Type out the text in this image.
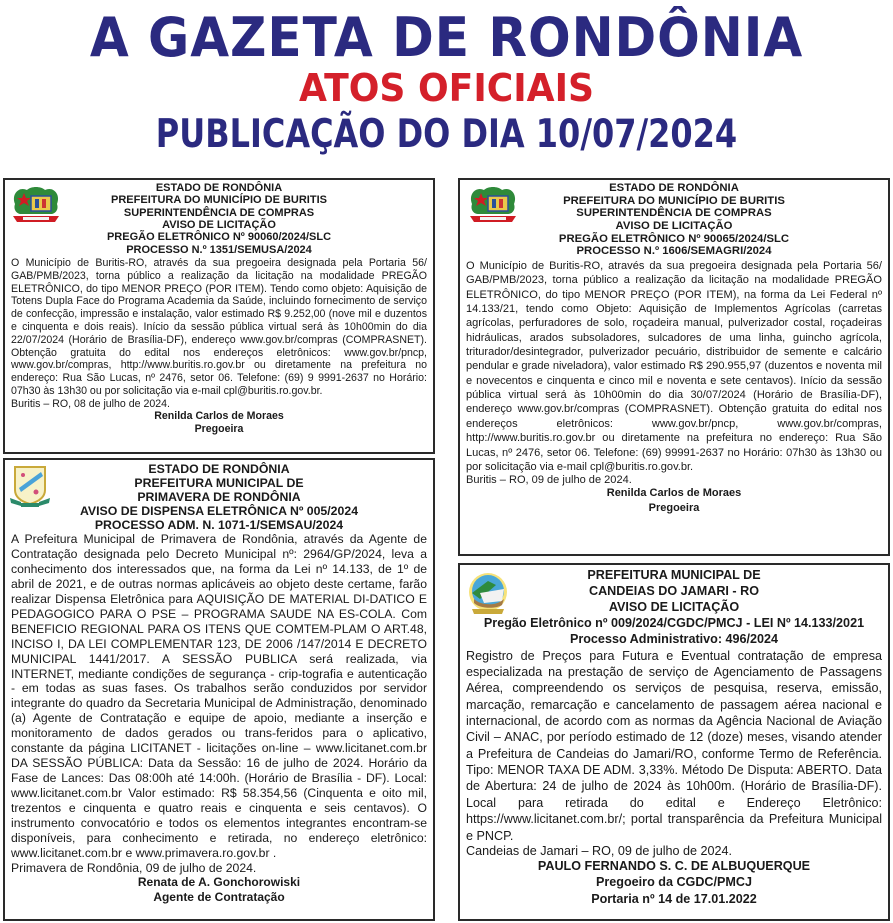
A GAZETA DE RONDÔNIA
ATOS OFICIAIS
PUBLICAÇÃO DO DIA 10/07/2024
ESTADO DE RONDÔNIA
PREFEITURA DO MUNICÍPIO DE BURITIS
SUPERINTENDÊNCIA DE COMPRAS
AVISO DE LICITAÇÃO
PREGÃO ELETRÔNICO Nº 90060/2024/SLC
PROCESSO N.º 1351/SEMUSA/2024
O Município de Buritis-RO, através da sua pregoeira designada pela Portaria 56/ GAB/PMB/2023, torna público a realização da licitação na modalidade PREGÃO ELETRÔNICO, do tipo MENOR PREÇO (POR ITEM). Tendo como objeto: Aquisição de Totens Dupla Face do Programa Academia da Saúde, incluindo fornecimento de serviço de confecção, impressão e instalação, valor estimado R$ 9.252,00 (nove mil e duzentos e cinquenta e dois reais). Início da sessão pública virtual será às 10h00min do dia 22/07/2024 (Horário de Brasília-DF), endereço www.gov.br/compras (COMPRASNET). Obtenção gratuita do edital nos endereços eletrônicos: www.gov.br/pncp, www.gov.br/compras, http://www.buritis.ro.gov.br ou diretamente na prefeitura no endereço: Rua São Lucas, nº 2476, setor 06. Telefone: (69) 9 9991-2637 no Horário: 07h30 às 13h30 ou por solicitação via e-mail cpl@buritis.ro.gov.br.
Buritis – RO, 08 de julho de 2024.
Renilda Carlos de Moraes
Pregoeira
ESTADO DE RONDÔNIA
PREFEITURA MUNICIPAL DE
PRIMAVERA DE RONDÔNIA
AVISO DE DISPENSA ELETRÔNICA Nº 005/2024
PROCESSO ADM. N. 1071-1/SEMSAU/2024
A Prefeitura Municipal de Primavera de Rondônia, através da Agente de Contratação designada pelo Decreto Municipal nº: 2964/GP/2024, leva a conhecimento dos interessados que, na forma da Lei nº 14.133, de 1º de abril de 2021, e de outras normas aplicáveis ao objeto deste certame, farão realizar Dispensa Eletrônica para AQUISIÇÃO DE MATERIAL DI-DATICO E PEDAGOGICO PARA O PSE – PROGRAMA SAUDE NA ES-COLA. Com BENEFICIO REGIONAL PARA OS ITENS QUE COMTEM-PLAM O ART.48, INCISO I, DA LEI COMPLEMENTAR 123, DE 2006 /147/2014 E DECRETO MUNICIPAL 1441/2017. A SESSÃO PUBLICA será realizada, via INTERNET, mediante condições de segurança - crip-tografia e autenticação - em todas as suas fases. Os trabalhos serão conduzidos por servidor integrante do quadro da Secretaria Municipal de Administração, denominado (a) Agente de Contratação e equipe de apoio, mediante a inserção e monitoramento de dados gerados ou trans-feridos para o aplicativo, constante da página LICITANET - licitações on-line – www.licitanet.com.br DA SESSÃO PÚBLICA: Data da Sessão: 16 de julho de 2024. Horário da Fase de Lances: Das 08:00h até 14:00h. (Horário de Brasília - DF). Local: www.licitanet.com.br Valor estimado: R$ 58.354,56 (Cinquenta e oito mil, trezentos e cinquenta e quatro reais e cinquenta e seis centavos). O instrumento convocatório e todos os elementos integrantes encontram-se disponíveis, para conhecimento e retirada, no endereço eletrônico: www.licitanet.com.br e www.primavera.ro.gov.br .
Primavera de Rondônia, 09 de julho de 2024.
Renata de A. Gonchorowiski
Agente de Contratação
ESTADO DE RONDÔNIA
PREFEITURA DO MUNICÍPIO DE BURITIS
SUPERINTENDÊNCIA DE COMPRAS
AVISO DE LICITAÇÃO
PREGÃO ELETRÔNICO Nº 90065/2024/SLC
PROCESSO N.º 1606/SEMAGRI/2024
O Município de Buritis-RO, através da sua pregoeira designada pela Portaria 56/ GAB/PMB/2023, torna público a realização da licitação na modalidade PREGÃO ELETRÔNICO, do tipo MENOR PREÇO (POR ITEM), na forma da Lei Federal nº 14.133/21, tendo como Objeto: Aquisição de Implementos Agrícolas (carretas agrícolas, perfuradores de solo, roçadeira manual, pulverizador costal, roçadeiras hidráulicas, arados subsoladores, sulcadores de uma linha, guincho agrícola, triturador/desintegrador, pulverizador pecuário, distribuidor de semente e calcário pendular e grade niveladora), valor estimado R$ 290.955,97 (duzentos e noventa mil e novecentos e cinquenta e cinco mil e noventa e sete centavos). Início da sessão pública virtual será às 10h00min do dia 30/07/2024 (Horário de Brasília-DF), endereço www.gov.br/compras (COMPRASNET). Obtenção gratuita do edital nos endereços eletrônicos: www.gov.br/pncp, www.gov.br/compras, http://www.buritis.ro.gov.br ou diretamente na prefeitura no endereço: Rua São Lucas, nº 2476, setor 06. Telefone: (69) 99991-2637 no Horário: 07h30 às 13h30 ou por solicitação via e-mail cpl@buritis.ro.gov.br.
Buritis – RO, 09 de julho de 2024.
Renilda Carlos de Moraes
Pregoeira
PREFEITURA MUNICIPAL DE
CANDEIAS DO JAMARI - RO
AVISO DE LICITAÇÃO
Pregão Eletrônico nº 009/2024/CGDC/PMCJ - LEI Nº 14.133/2021
Processo Administrativo: 496/2024
Registro de Preços para Futura e Eventual contratação de empresa especializada na prestação de serviço de Agenciamento de Passagens Aérea, compreendendo os serviços de pesquisa, reserva, emissão, marcação, remarcação e cancelamento de passagem aérea nacional e internacional, de acordo com as normas da Agência Nacional de Aviação Civil – ANAC, por período estimado de 12 (doze) meses, visando atender a Prefeitura de Candeias do Jamari/RO, conforme Termo de Referência. Tipo: MENOR TAXA DE ADM. 3,33%. Método De Disputa: ABERTO. Data de Abertura: 24 de julho de 2024 às 10h00m. (Horário de Brasília-DF). Local para retirada do edital e Endereço Eletrônico: https://www.licitanet.com.br/; portal transparência da Prefeitura Municipal e PNCP.
Candeias de Jamari – RO, 09 de julho de 2024.
PAULO FERNANDO S. C. DE ALBUQUERQUE
Pregoeiro da CGDC/PMCJ
Portaria nº 14 de 17.01.2022
